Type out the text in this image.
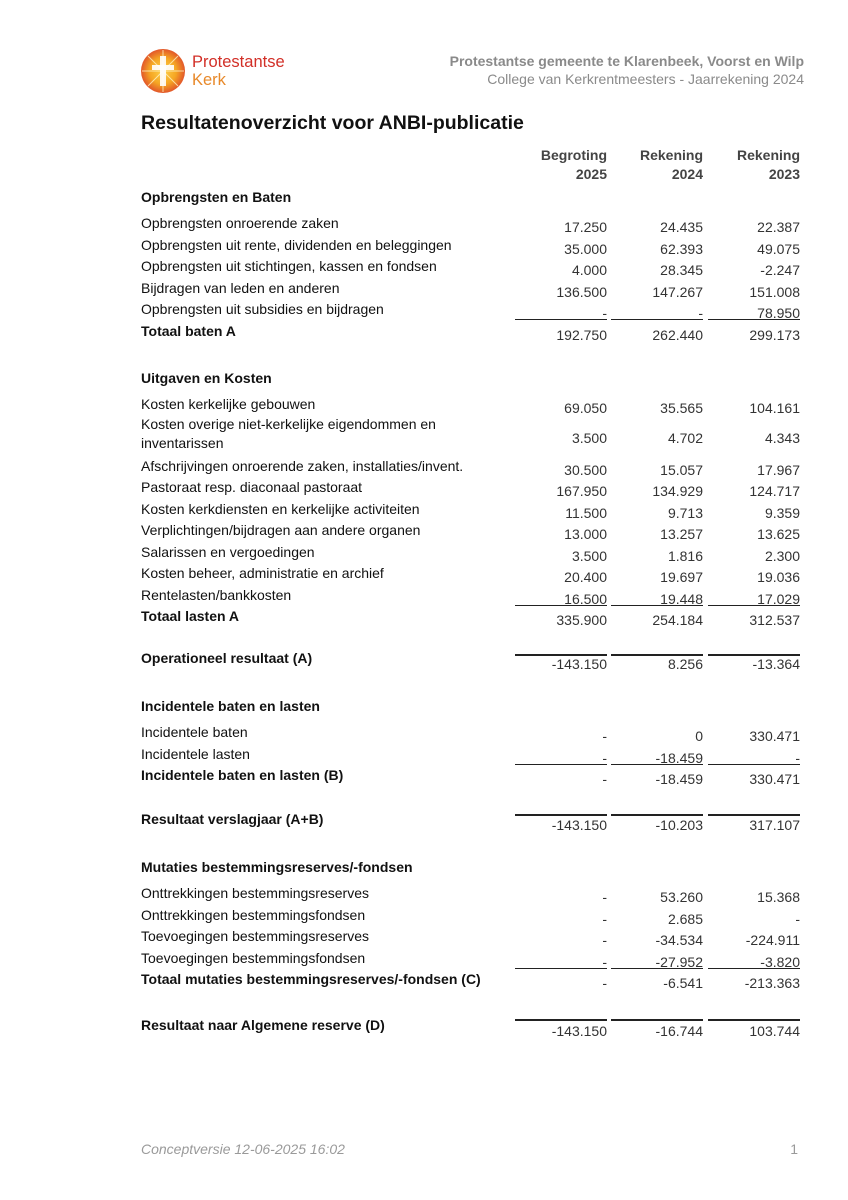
Protestantse
Kerk
Protestantse gemeente te Klarenbeek, Voorst en Wilp
College van Kerkrentmeesters - Jaarrekening 2024
Resultatenoverzicht voor ANBI-publicatie
Begroting
2025
Rekening
2024
Rekening
2023
Opbrengsten en Baten
Opbrengsten onroerende zaken	17.250	24.435	22.387
Opbrengsten uit rente, dividenden en beleggingen	35.000	62.393	49.075
Opbrengsten uit stichtingen, kassen en fondsen	4.000	28.345	-2.247
Bijdragen van leden en anderen	136.500	147.267	151.008
Opbrengsten uit subsidies en bijdragen	-	-	78.950
Totaal baten A	192.750	262.440	299.173
Uitgaven en Kosten
Kosten kerkelijke gebouwen	69.050	35.565	104.161
Kosten overige niet-kerkelijke eigendommen en inventarissen	3.500	4.702	4.343
Afschrijvingen onroerende zaken, installaties/invent.	30.500	15.057	17.967
Pastoraat resp. diaconaal pastoraat	167.950	134.929	124.717
Kosten kerkdiensten en kerkelijke activiteiten	11.500	9.713	9.359
Verplichtingen/bijdragen aan andere organen	13.000	13.257	13.625
Salarissen en vergoedingen	3.500	1.816	2.300
Kosten beheer, administratie en archief	20.400	19.697	19.036
Rentelasten/bankkosten	16.500	19.448	17.029
Totaal lasten A	335.900	254.184	312.537
Operationeel resultaat (A)	-143.150	8.256	-13.364
Incidentele baten en lasten
Incidentele baten	-	0	330.471
Incidentele lasten	-	-18.459	-
Incidentele baten en lasten (B)	-	-18.459	330.471
Resultaat verslagjaar (A+B)	-143.150	-10.203	317.107
Mutaties bestemmingsreserves/-fondsen
Onttrekkingen bestemmingsreserves	-	53.260	15.368
Onttrekkingen bestemmingsfondsen	-	2.685	-
Toevoegingen bestemmingsreserves	-	-34.534	-224.911
Toevoegingen bestemmingsfondsen	-	-27.952	-3.820
Totaal mutaties bestemmingsreserves/-fondsen (C)	-	-6.541	-213.363
Resultaat naar Algemene reserve (D)	-143.150	-16.744	103.744
Conceptversie 12-06-2025 16:02	1
